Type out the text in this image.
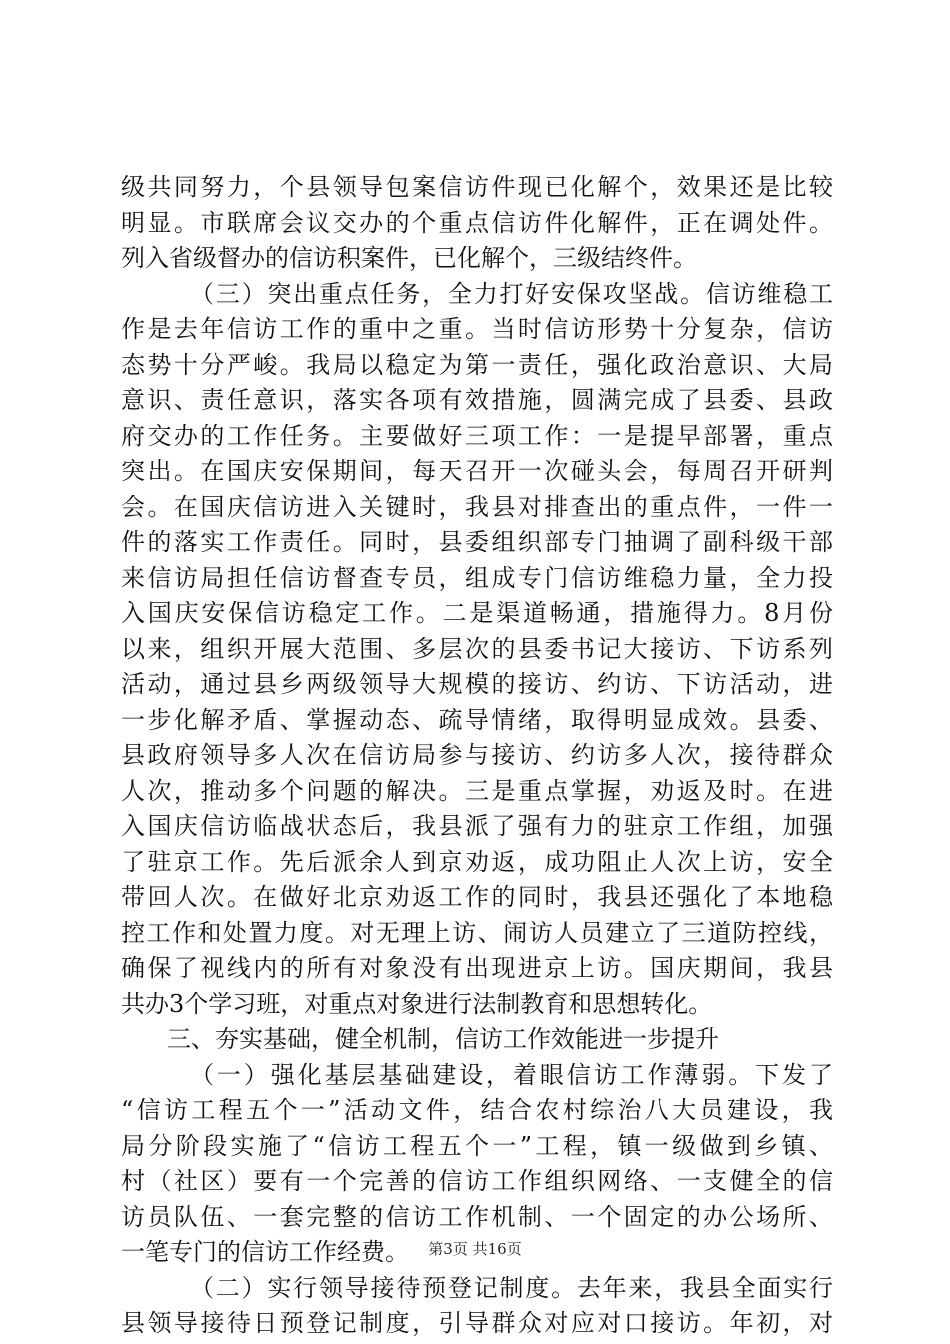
级共同努力，个县领导包案信访件现已化解个，效果还是比较
明显。市联席会议交办的个重点信访件化解件，正在调处件。
列入省级督办的信访积案件，已化解个，三级结终件。
（三）突出重点任务，全力打好安保攻坚战。信访维稳工
作是去年信访工作的重中之重。当时信访形势十分复杂，信访
态势十分严峻。我局以稳定为第一责任，强化政治意识、大局
意识、责任意识，落实各项有效措施，圆满完成了县委、县政
府交办的工作任务。主要做好三项工作：一是提早部署，重点
突出。在国庆安保期间，每天召开一次碰头会，每周召开研判
会。在国庆信访进入关键时，我县对排查出的重点件，一件一
件的落实工作责任。同时，县委组织部专门抽调了副科级干部
来信访局担任信访督查专员，组成专门信访维稳力量，全力投
入国庆安保信访稳定工作。二是渠道畅通，措施得力。8月份
以来，组织开展大范围、多层次的县委书记大接访、下访系列
活动，通过县乡两级领导大规模的接访、约访、下访活动，进
一步化解矛盾、掌握动态、疏导情绪，取得明显成效。县委、
县政府领导多人次在信访局参与接访、约访多人次，接待群众
人次，推动多个问题的解决。三是重点掌握，劝返及时。在进
入国庆信访临战状态后，我县派了强有力的驻京工作组，加强
了驻京工作。先后派余人到京劝返，成功阻止人次上访，安全
带回人次。在做好北京劝返工作的同时，我县还强化了本地稳
控工作和处置力度。对无理上访、闹访人员建立了三道防控线，
确保了视线内的所有对象没有出现进京上访。国庆期间，我县
共办3个学习班，对重点对象进行法制教育和思想转化。
三、夯实基础，健全机制，信访工作效能进一步提升
（一）强化基层基础建设，着眼信访工作薄弱。下发了
“信访工程五个一”活动文件，结合农村综治八大员建设，我
局分阶段实施了“信访工程五个一”工程，镇一级做到乡镇、
村（社区）要有一个完善的信访工作组织网络、一支健全的信
访员队伍、一套完整的信访工作机制、一个固定的办公场所、
一笔专门的信访工作经费。
（二）实行领导接待预登记制度。去年来，我县全面实行
县领导接待日预登记制度，引导群众对应对口接访。年初，对
第3页 共16页
